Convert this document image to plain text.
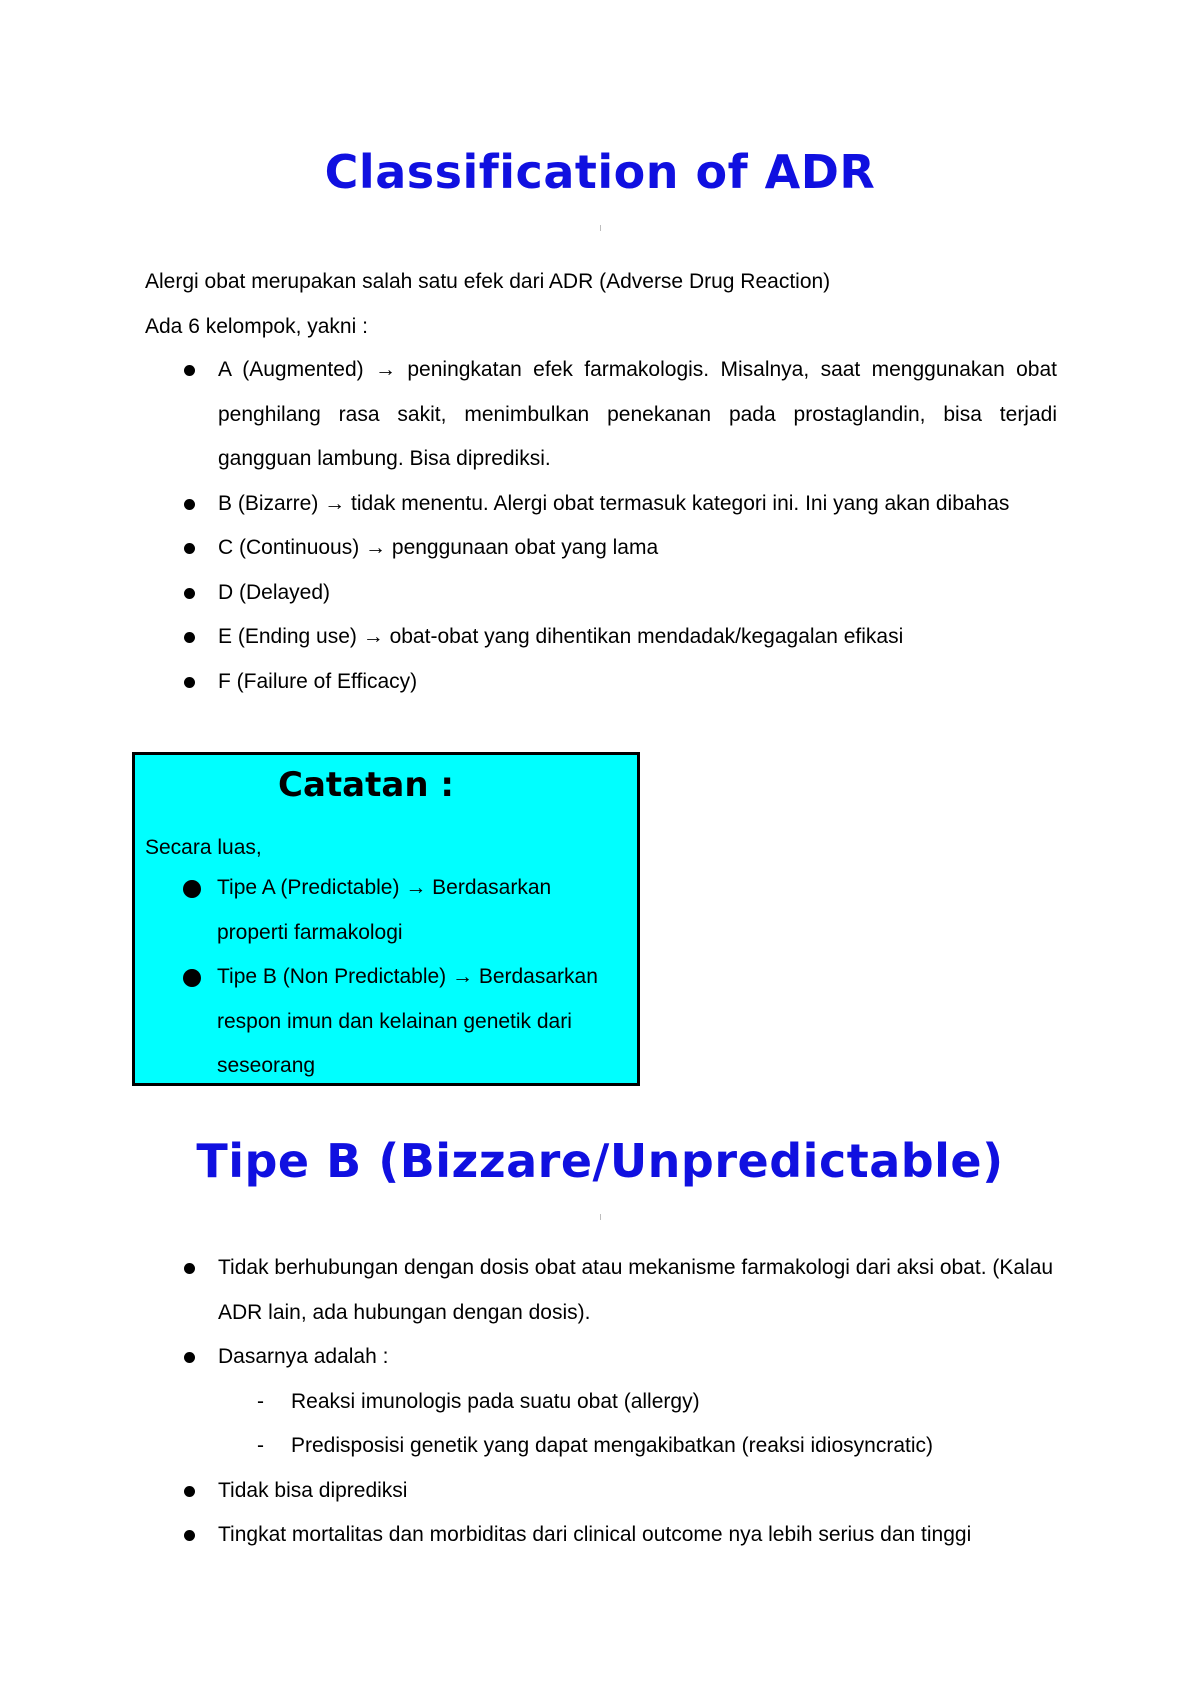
Classification of ADR

Alergi obat merupakan salah satu efek dari ADR (Adverse Drug Reaction)

Ada 6 kelompok, yakni :

A (Augmented) → peningkatan efek farmakologis. Misalnya, saat menggunakan obat penghilang rasa sakit, menimbulkan penekanan pada prostaglandin, bisa terjadi gangguan lambung. Bisa diprediksi.
B (Bizarre) → tidak menentu. Alergi obat termasuk kategori ini. Ini yang akan dibahas
C (Continuous) → penggunaan obat yang lama
D (Delayed)
E (Ending use) → obat-obat yang dihentikan mendadak/kegagalan efikasi
F (Failure of Efficacy)
Catatan :

Secara luas,

Tipe A (Predictable) → Berdasarkan properti farmakologi
Tipe B (Non Predictable) → Berdasarkan respon imun dan kelainan genetik dari seseorang
Tipe B (Bizzare/Unpredictable)
Tidak berhubungan dengan dosis obat atau mekanisme farmakologi dari aksi obat. (Kalau ADR lain, ada hubungan dengan dosis).
Dasarnya adalah :
- Reaksi imunologis pada suatu obat (allergy)
- Predisposisi genetik yang dapat mengakibatkan (reaksi idiosyncratic)
Tidak bisa diprediksi
Tingkat mortalitas dan morbiditas dari clinical outcome nya lebih serius dan tinggi
